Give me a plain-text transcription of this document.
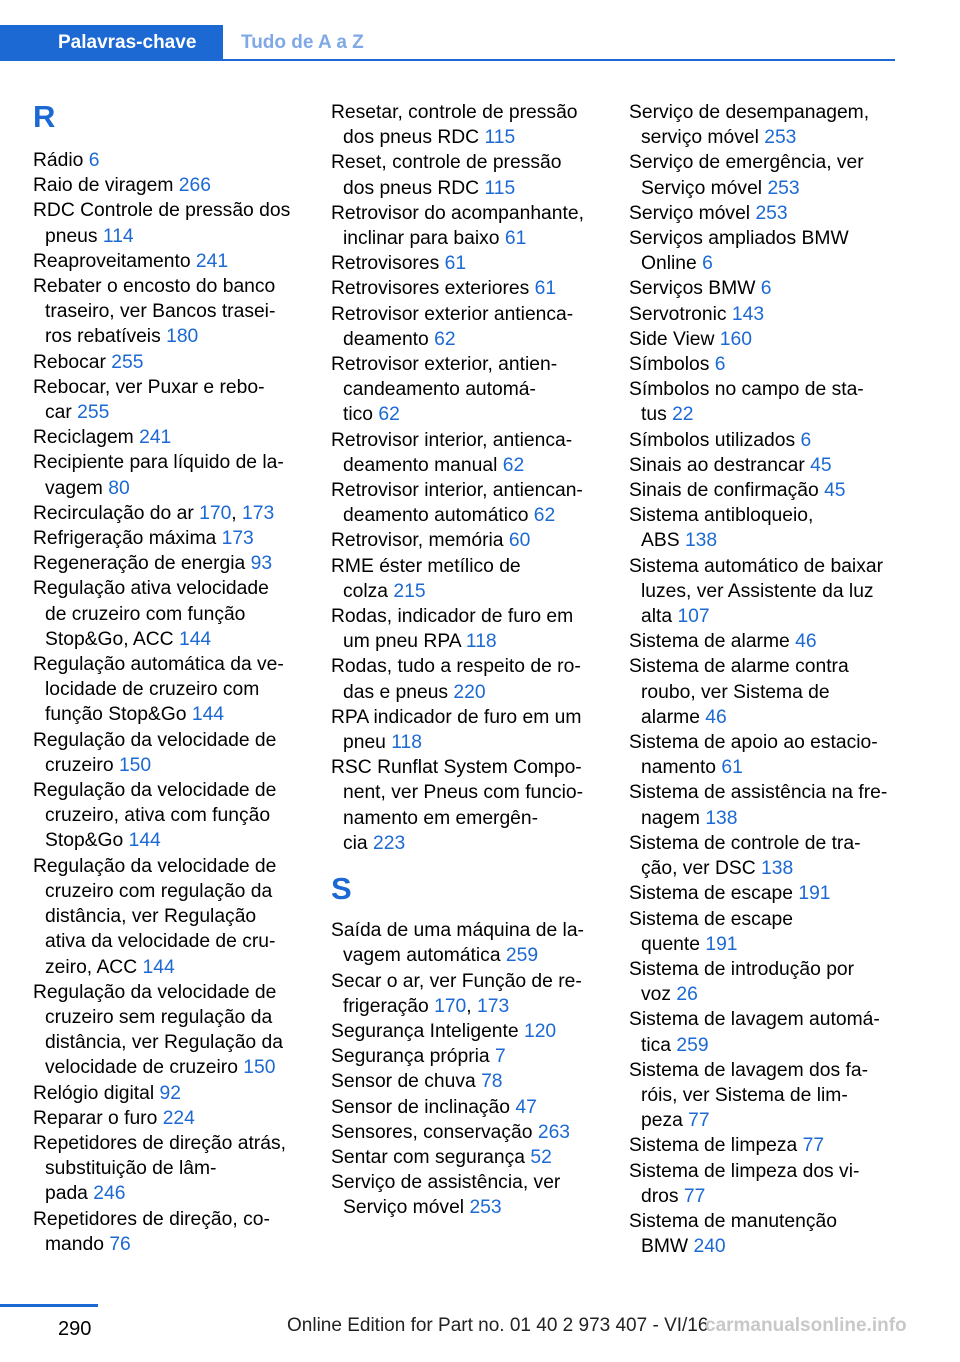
Palavras-chave	Tudo de A a Z
R
Rádio 6
Raio de viragem 266
RDC Controle de pressão dos
pneus 114
Reaproveitamento 241
Rebater o encosto do banco
traseiro, ver Bancos trasei‐
ros rebatíveis 180
Rebocar 255
Rebocar, ver Puxar e rebo‐
car 255
Reciclagem 241
Recipiente para líquido de la‐
vagem 80
Recirculação do ar 170, 173
Refrigeração máxima 173
Regeneração de energia 93
Regulação ativa velocidade
de cruzeiro com função
Stop&Go, ACC 144
Regulação automática da ve‐
locidade de cruzeiro com
função Stop&Go 144
Regulação da velocidade de
cruzeiro 150
Regulação da velocidade de
cruzeiro, ativa com função
Stop&Go 144
Regulação da velocidade de
cruzeiro com regulação da
distância, ver Regulação
ativa da velocidade de cru‐
zeiro, ACC 144
Regulação da velocidade de
cruzeiro sem regulação da
distância, ver Regulação da
velocidade de cruzeiro 150
Relógio digital 92
Reparar o furo 224
Repetidores de direção atrás,
substituição de lâm‐
pada 246
Repetidores de direção, co‐
mando 76
Resetar, controle de pressão
dos pneus RDC 115
Reset, controle de pressão
dos pneus RDC 115
Retrovisor do acompanhante,
inclinar para baixo 61
Retrovisores 61
Retrovisores exteriores 61
Retrovisor exterior antienca‐
deamento 62
Retrovisor exterior, antien‐
candeamento automá‐
tico 62
Retrovisor interior, antienca‐
deamento manual 62
Retrovisor interior, antiencan‐
deamento automático 62
Retrovisor, memória 60
RME éster metílico de
colza 215
Rodas, indicador de furo em
um pneu RPA 118
Rodas, tudo a respeito de ro‐
das e pneus 220
RPA indicador de furo em um
pneu 118
RSC Runflat System Compo‐
nent, ver Pneus com funcio‐
namento em emergên‐
cia 223
S
Saída de uma máquina de la‐
vagem automática 259
Secar o ar, ver Função de re‐
frigeração 170, 173
Segurança Inteligente 120
Segurança própria 7
Sensor de chuva 78
Sensor de inclinação 47
Sensores, conservação 263
Sentar com segurança 52
Serviço de assistência, ver
Serviço móvel 253
Serviço de desempanagem,
serviço móvel 253
Serviço de emergência, ver
Serviço móvel 253
Serviço móvel 253
Serviços ampliados BMW
Online 6
Serviços BMW 6
Servotronic 143
Side View 160
Símbolos 6
Símbolos no campo de sta‐
tus 22
Símbolos utilizados 6
Sinais ao destrancar 45
Sinais de confirmação 45
Sistema antibloqueio,
ABS 138
Sistema automático de baixar
luzes, ver Assistente da luz
alta 107
Sistema de alarme 46
Sistema de alarme contra
roubo, ver Sistema de
alarme 46
Sistema de apoio ao estacio‐
namento 61
Sistema de assistência na fre‐
nagem 138
Sistema de controle de tra‐
ção, ver DSC 138
Sistema de escape 191
Sistema de escape
quente 191
Sistema de introdução por
voz 26
Sistema de lavagem automá‐
tica 259
Sistema de lavagem dos fa‐
róis, ver Sistema de lim‐
peza 77
Sistema de limpeza 77
Sistema de limpeza dos vi‐
dros 77
Sistema de manutenção
BMW 240
290	Online Edition for Part no. 01 40 2 973 407 - VI/16
carmanualsonline.info
